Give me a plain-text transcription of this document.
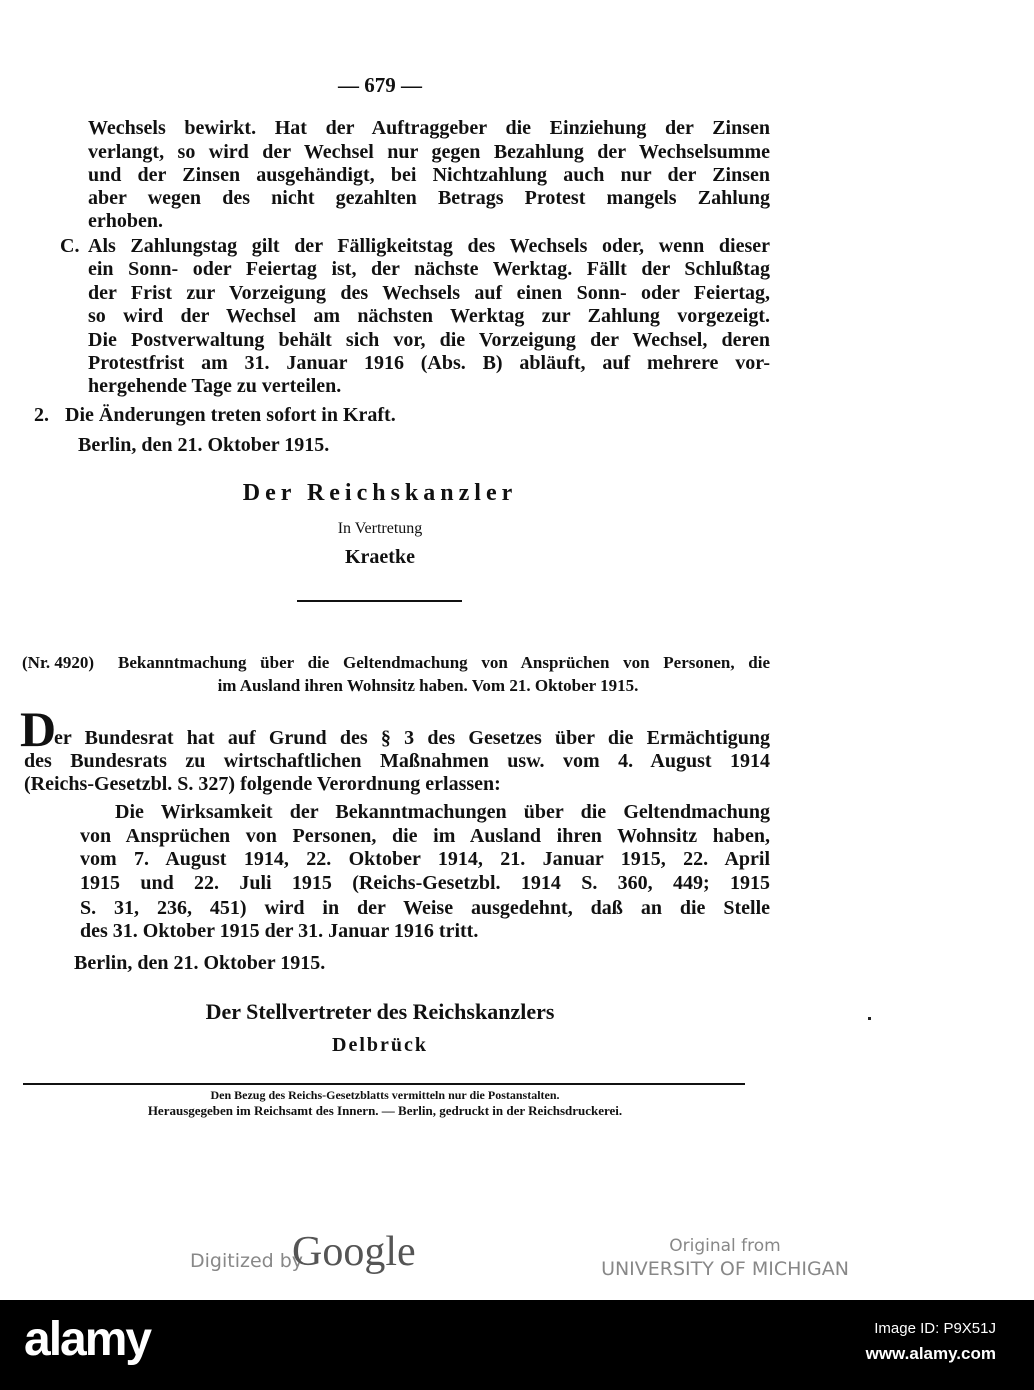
— 679 —
Wechsels bewirkt. Hat der Auftraggeber die Einziehung der Zinsen
verlangt, so wird der Wechsel nur gegen Bezahlung der Wechselsumme
und der Zinsen ausgehändigt, bei Nichtzahlung auch nur der Zinsen
aber wegen des nicht gezahlten Betrags Protest mangels Zahlung
erhoben.
C. Als Zahlungstag gilt der Fälligkeitstag des Wechsels oder, wenn dieser
ein Sonn- oder Feiertag ist, der nächste Werktag. Fällt der Schlußtag
der Frist zur Vorzeigung des Wechsels auf einen Sonn- oder Feiertag,
so wird der Wechsel am nächsten Werktag zur Zahlung vorgezeigt.
Die Postverwaltung behält sich vor, die Vorzeigung der Wechsel, deren
Protestfrist am 31. Januar 1916 (Abs. B) abläuft, auf mehrere vor-
hergehende Tage zu verteilen.
2. Die Änderungen treten sofort in Kraft.
Berlin, den 21. Oktober 1915.
Der Reichskanzler
In Vertretung
Kraetke
(Nr. 4920) Bekanntmachung über die Geltendmachung von Ansprüchen von Personen, die
im Ausland ihren Wohnsitz haben. Vom 21. Oktober 1915.
D
er Bundesrat hat auf Grund des § 3 des Gesetzes über die Ermächtigung
des Bundesrats zu wirtschaftlichen Maßnahmen usw. vom 4. August 1914
(Reichs-Gesetzbl. S. 327) folgende Verordnung erlassen:
Die Wirksamkeit der Bekanntmachungen über die Geltendmachung
von Ansprüchen von Personen, die im Ausland ihren Wohnsitz haben,
vom 7. August 1914, 22. Oktober 1914, 21. Januar 1915, 22. April
1915 und 22. Juli 1915 (Reichs-Gesetzbl. 1914 S. 360, 449; 1915
S. 31, 236, 451) wird in der Weise ausgedehnt, daß an die Stelle
des 31. Oktober 1915 der 31. Januar 1916 tritt.
Berlin, den 21. Oktober 1915.
Der Stellvertreter des Reichskanzlers
Delbrück
Den Bezug des Reichs-Gesetzblatts vermitteln nur die Postanstalten.
Herausgegeben im Reichsamt des Innern. — Berlin, gedruckt in der Reichsdruckerei.
Digitized by
Google	Original from
UNIVERSITY OF MICHIGAN
alamy	Image ID: P9X51J
www.alamy.com
